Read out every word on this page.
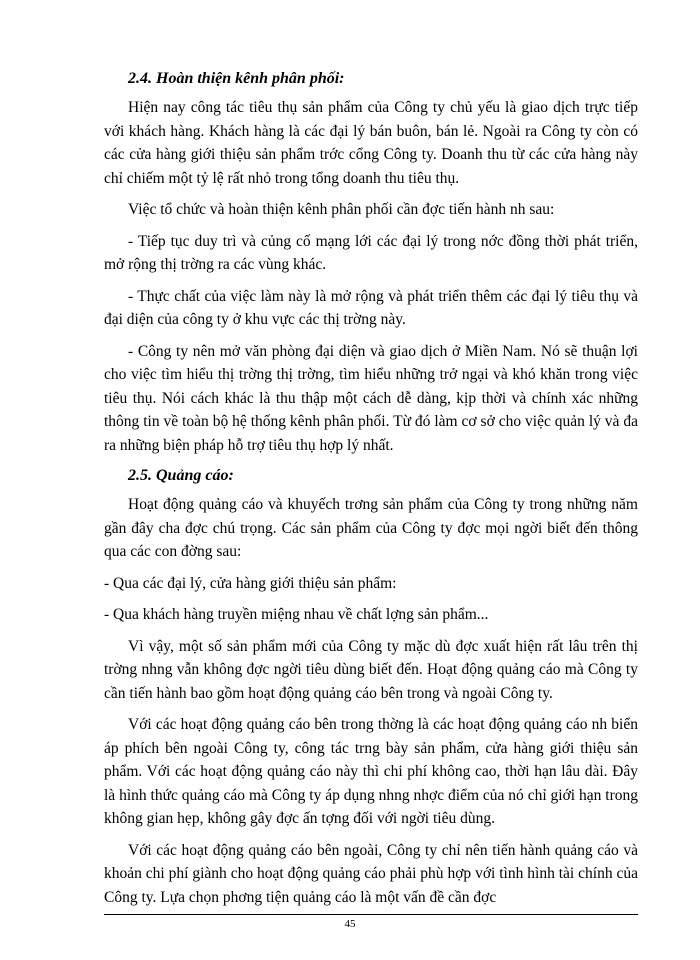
2.4. Hoàn thiện kênh phân phối:

Hiện nay công tác tiêu thụ sản phẩm của Công ty chủ yếu là giao dịch trực tiếp với khách hàng. Khách hàng là các đại lý bán buôn, bán lẻ. Ngoài ra Công ty còn có các cửa hàng giới thiệu sản phẩm trớc cổng Công ty. Doanh thu từ các cửa hàng này chỉ chiếm một tỷ lệ rất nhỏ trong tổng doanh thu tiêu thụ.

Việc tổ chức và hoàn thiện kênh phân phối cần đợc tiến hành nh sau:

- Tiếp tục duy trì và củng cố mạng lới các đại lý trong nớc đồng thời phát triển, mở rộng thị trờng ra các vùng khác.

- Thực chất của việc làm này là mở rộng và phát triển thêm các đại lý tiêu thụ và đại diện của công ty ở khu vực các thị trờng này.

- Công ty nên mở văn phòng đại diện và giao dịch ở Miền Nam. Nó sẽ thuận lợi cho việc tìm hiểu thị trờng thị trờng, tìm hiểu những trở ngại và khó khăn trong việc tiêu thụ. Nói cách khác là thu thập một cách dễ dàng, kịp thời và chính xác những thông tin về toàn bộ hệ thống kênh phân phối. Từ đó làm cơ sở cho việc quản lý và đa ra những biện pháp hỗ trợ tiêu thụ hợp lý nhất.

2.5. Quảng cáo:

Hoạt động quảng cáo và khuyếch trơng sản phẩm của Công ty trong những năm gần đây cha đợc chú trọng. Các sản phẩm của Công ty đợc mọi ngời biết đến thông qua các con đờng sau:

- Qua các đại lý, cửa hàng giới thiệu sản phẩm:

- Qua khách hàng truyền miệng nhau về chất lợng sản phẩm...

Vì vậy, một số sản phẩm mới của Công ty mặc dù đợc xuất hiện rất lâu trên thị trờng nhng vẫn không đợc ngời tiêu dùng biết đến. Hoạt động quảng cáo mà Công ty cần tiến hành bao gồm hoạt động quảng cáo bên trong và ngoài Công ty.

Với các hoạt động quảng cáo bên trong thờng là các hoạt động quảng cáo nh biển áp phích bên ngoài Công ty, công tác trng bày sản phẩm, cửa hàng giới thiệu sản phẩm. Với các hoạt động quảng cáo này thì chi phí không cao, thời hạn lâu dài. Đây là hình thức quảng cáo mà Công ty áp dụng nhng nhợc điểm của nó chỉ giới hạn trong không gian hẹp, không gây đợc ấn tợng đối với ngời tiêu dùng.

Với các hoạt động quảng cáo bên ngoài, Công ty chỉ nên tiến hành quảng cáo và khoản chi phí giành cho hoạt động quảng cáo phải phù hợp với tình hình tài chính của Công ty. Lựa chọn phơng tiện quảng cáo là một vấn đề cần đợc

45
